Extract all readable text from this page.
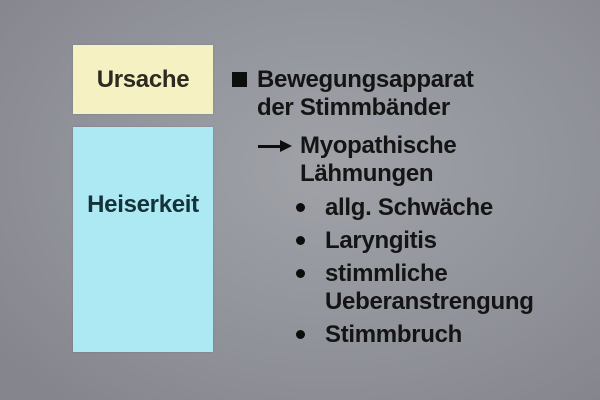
Ursache
Heiserkeit
Bewegungsapparat
der Stimmbänder
Myopathische
Lähmungen
allg. Schwäche
Laryngitis
stimmliche
Ueberanstrengung
Stimmbruch
